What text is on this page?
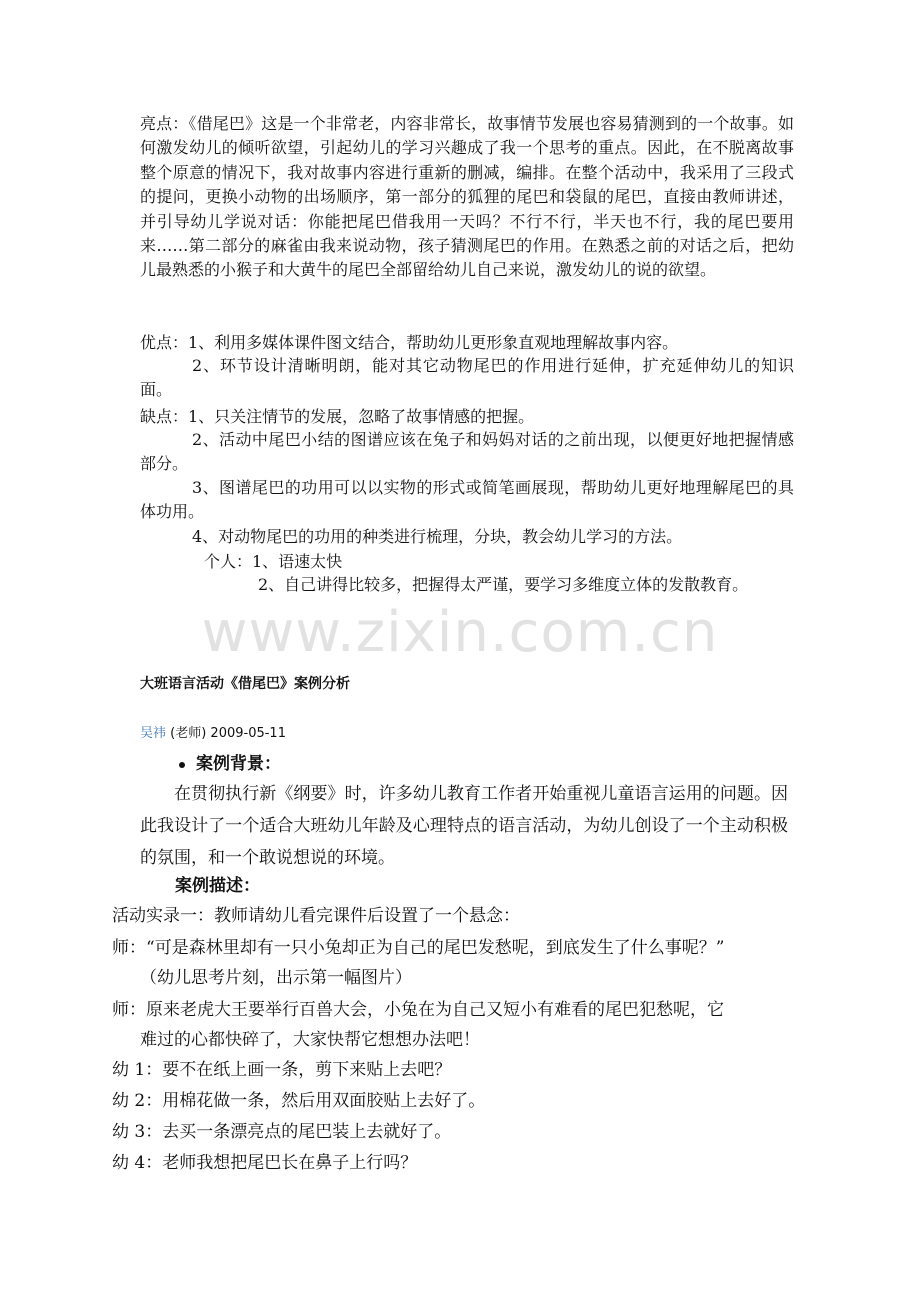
亮点：《借尾巴》这是一个非常老，内容非常长，故事情节发展也容易猜测到的一个故事。如何激发幼儿的倾听欲望，引起幼儿的学习兴趣成了我一个思考的重点。因此，在不脱离故事整个原意的情况下，我对故事内容进行重新的删减，编排。在整个活动中，我采用了三段式的提问，更换小动物的出场顺序，第一部分的狐狸的尾巴和袋鼠的尾巴，直接由教师讲述，并引导幼儿学说对话：你能把尾巴借我用一天吗？不行不行，半天也不行，我的尾巴要用来……第二部分的麻雀由我来说动物，孩子猜测尾巴的作用。在熟悉之前的对话之后，把幼儿最熟悉的小猴子和大黄牛的尾巴全部留给幼儿自己来说，激发幼儿的说的欲望。

优点：1、利用多媒体课件图文结合，帮助幼儿更形象直观地理解故事内容。

2、环节设计清晰明朗，能对其它动物尾巴的作用进行延伸，扩充延伸幼儿的知识面。

缺点：1、只关注情节的发展，忽略了故事情感的把握。

2、活动中尾巴小结的图谱应该在兔子和妈妈对话的之前出现，以便更好地把握情感部分。

3、图谱尾巴的功用可以以实物的形式或简笔画展现，帮助幼儿更好地理解尾巴的具体功用。

4、对动物尾巴的功用的种类进行梳理，分块，教会幼儿学习的方法。

个人：1、语速太快

2、自己讲得比较多，把握得太严谨，要学习多维度立体的发散教育。

www.zixin.com.cn

大班语言活动《借尾巴》案例分析

吴祎 (老师) 2009-05-11

案例背景：

在贯彻执行新《纲要》时，许多幼儿教育工作者开始重视儿童语言运用的问题。因此我设计了一个适合大班幼儿年龄及心理特点的语言活动，为幼儿创设了一个主动积极的氛围，和一个敢说想说的环境。

案例描述：

活动实录一：教师请幼儿看完课件后设置了一个悬念：

师：“可是森林里却有一只小兔却正为自己的尾巴发愁呢，到底发生了什么事呢？”

（幼儿思考片刻，出示第一幅图片）

师：原来老虎大王要举行百兽大会，小兔在为自己又短小有难看的尾巴犯愁呢，它

难过的心都快碎了，大家快帮它想想办法吧！

幼 1：要不在纸上画一条，剪下来贴上去吧？

幼 2：用棉花做一条，然后用双面胶贴上去好了。

幼 3：去买一条漂亮点的尾巴装上去就好了。

幼 4：老师我想把尾巴长在鼻子上行吗？
